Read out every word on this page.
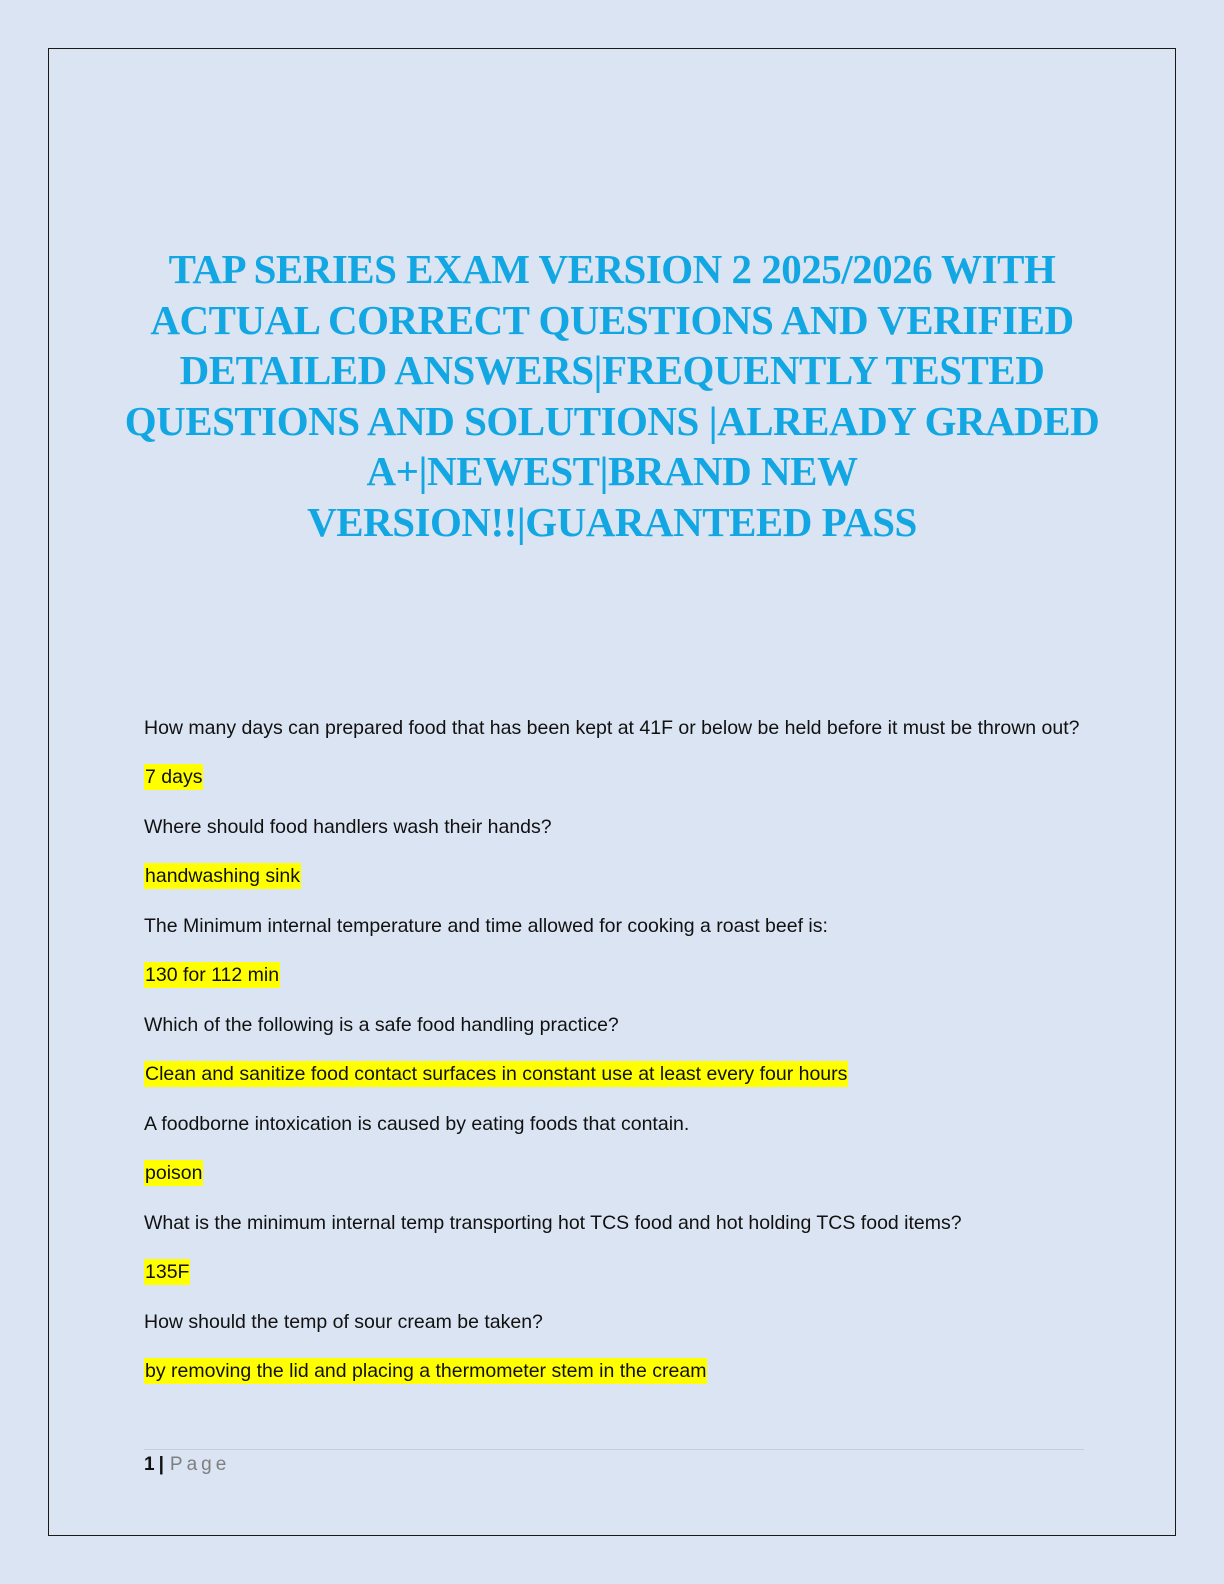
TAP SERIES EXAM VERSION 2 2025/2026 WITH ACTUAL CORRECT QUESTIONS AND VERIFIED DETAILED ANSWERS|FREQUENTLY TESTED QUESTIONS AND SOLUTIONS |ALREADY GRADED A+|NEWEST|BRAND NEW VERSION!!|GUARANTEED PASS

How many days can prepared food that has been kept at 41F or below be held before it must be thrown out?

7 days

Where should food handlers wash their hands?

handwashing sink

The Minimum internal temperature and time allowed for cooking a roast beef is:

130 for 112 min

Which of the following is a safe food handling practice?

Clean and sanitize food contact surfaces in constant use at least every four hours

A foodborne intoxication is caused by eating foods that contain.

poison

What is the minimum internal temp transporting hot TCS food and hot holding TCS food items?

135F

How should the temp of sour cream be taken?

by removing the lid and placing a thermometer stem in the cream

1 | Page
